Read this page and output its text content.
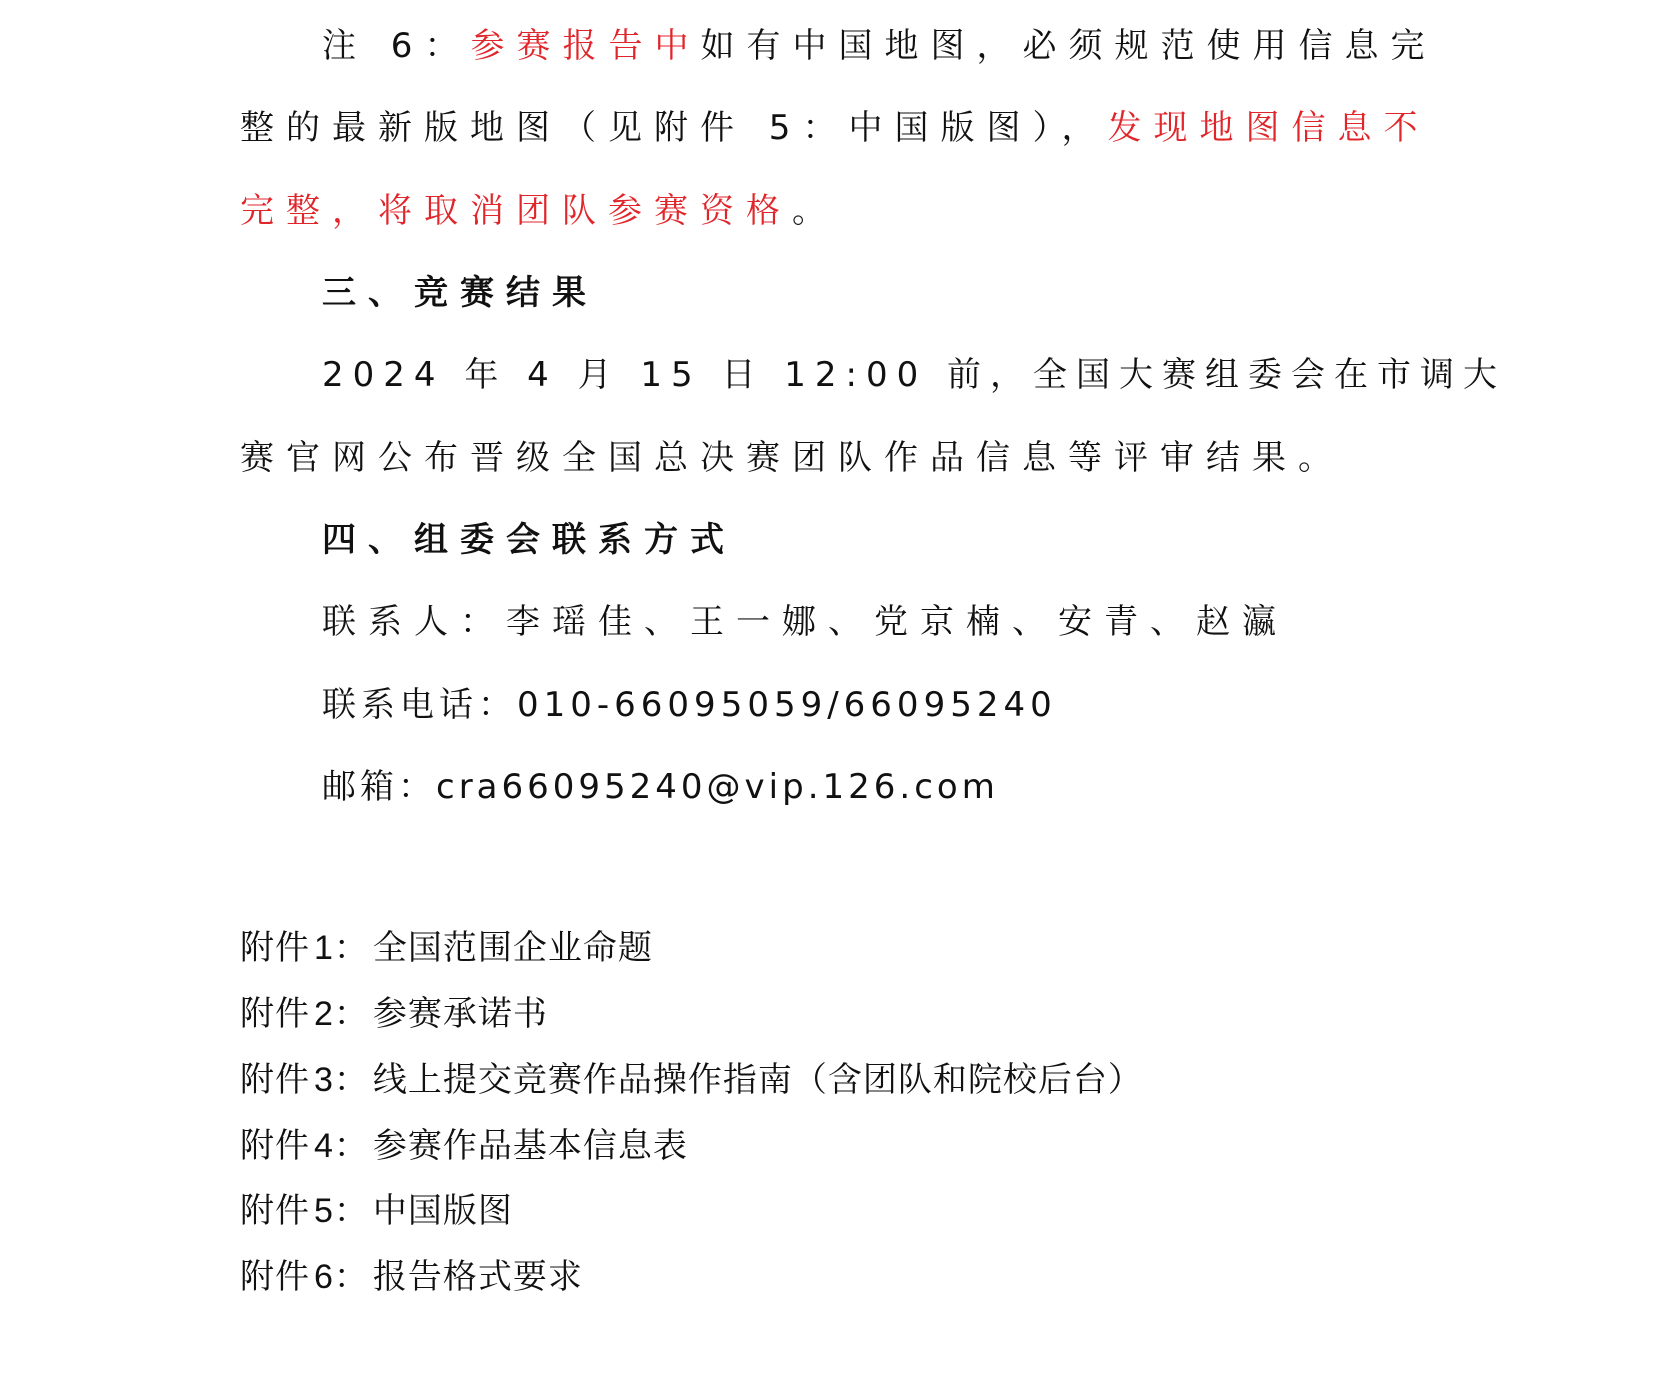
注 6：参赛报告中如有中国地图，必须规范使用信息完
整的最新版地图（见附件 5：中国版图），发现地图信息不
完整，将取消团队参赛资格。
三、竞赛结果
2024 年 4 月 15 日 12:00 前，全国大赛组委会在市调大
赛官网公布晋级全国总决赛团队作品信息等评审结果。
四、组委会联系方式
联系人：李瑶佳、王一娜、党京楠、安青、赵瀛
联系电话：010-66095059/66095240
邮箱：cra66095240@vip.126.com
附件 1： 全国范围企业命题
附件 2： 参赛承诺书
附件 3： 线上提交竞赛作品操作指南（含团队和院校后台）
附件 4： 参赛作品基本信息表
附件 5： 中国版图
附件 6： 报告格式要求
